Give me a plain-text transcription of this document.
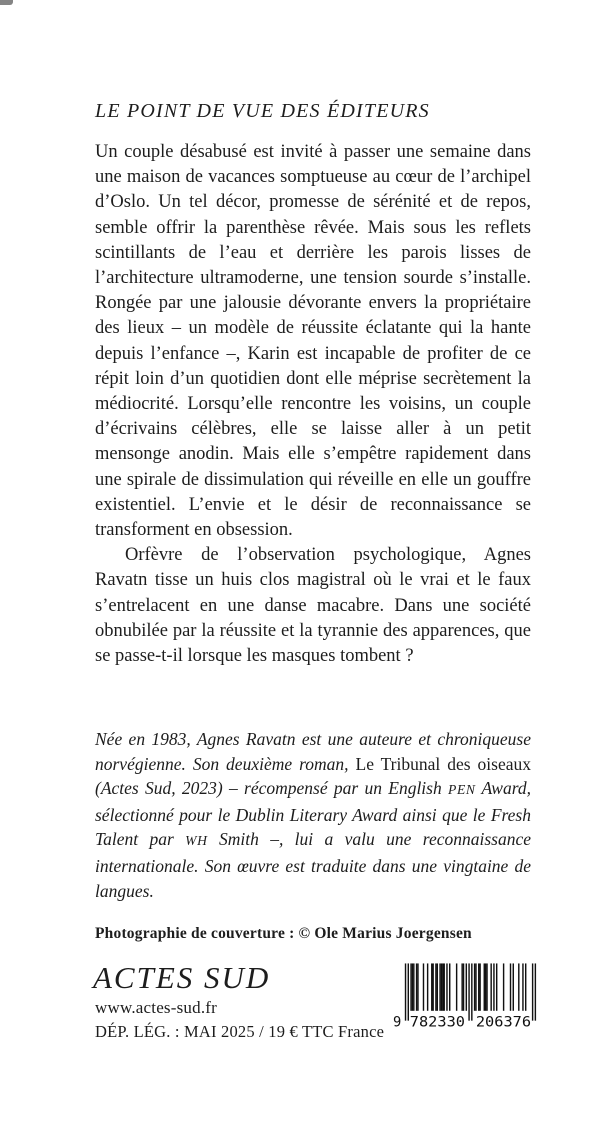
LE POINT DE VUE DES ÉDITEURS

Un couple désabusé est invité à passer une semaine dans une maison de vacances somptueuse au cœur de l’archipel d’Oslo. Un tel décor, promesse de sérénité et de repos, semble offrir la parenthèse rêvée. Mais sous les reflets scintillants de l’eau et derrière les parois lisses de l’architecture ultramoderne, une tension sourde s’installe. Rongée par une jalousie dévorante envers la propriétaire des lieux – un modèle de réussite éclatante qui la hante depuis l’enfance –, Karin est incapable de profiter de ce répit loin d’un quotidien dont elle méprise secrètement la médiocrité. Lorsqu’elle rencontre les voisins, un couple d’écrivains célèbres, elle se laisse aller à un petit mensonge anodin. Mais elle s’empêtre rapidement dans une spirale de dissimulation qui réveille en elle un gouffre existentiel. L’envie et le désir de reconnaissance se transforment en obsession.

Orfèvre de l’observation psychologique, Agnes Ravatn tisse un huis clos magistral où le vrai et le faux s’entrelacent en une danse macabre. Dans une société obnubilée par la réussite et la tyrannie des apparences, que se passe-t-il lorsque les masques tombent ?

Née en 1983, Agnes Ravatn est une auteure et chroniqueuse norvégienne. Son deuxième roman, Le Tribunal des oiseaux (Actes Sud, 2023) – récompensé par un English PEN Award, sélectionné pour le Dublin Literary Award ainsi que le Fresh Talent par WH Smith –, lui a valu une reconnaissance internationale. Son œuvre est traduite dans une vingtaine de langues.
Photographie de couverture : © Ole Marius Joergensen
ACTES SUD
www.actes-sud.fr
DÉP. LÉG. : MAI 2025 / 19 € TTC France 9 782330 206376
